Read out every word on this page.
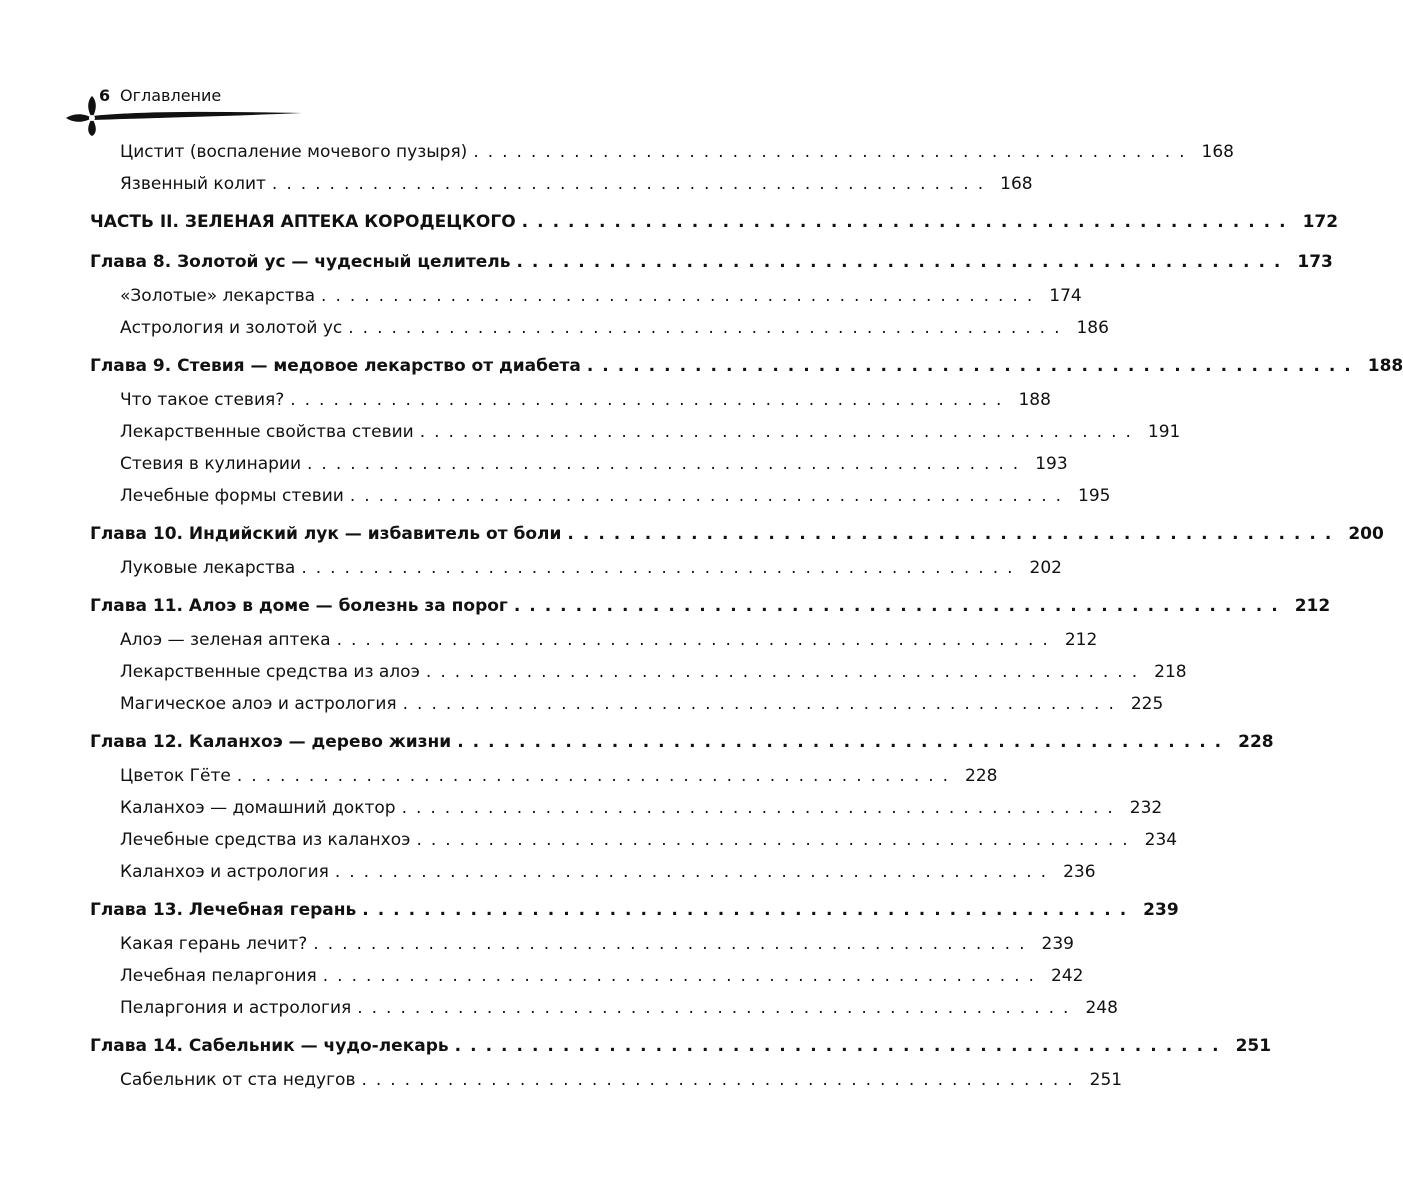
6 Оглавление
Цистит (воспаление мочевого пузыря) .................................................. 168
Язвенный колит .................................................. 168
ЧАСТЬ II. ЗЕЛЕНАЯ АПТЕКА КОРОДЕЦКОГО .................................................. 172
Глава 8. Золотой ус — чудесный целитель .................................................. 173
«Золотые» лекарства .................................................. 174
Астрология и золотой ус .................................................. 186
Глава 9. Стевия — медовое лекарство от диабета .................................................. 188
Что такое стевия? .................................................. 188
Лекарственные свойства стевии .................................................. 191
Стевия в кулинарии .................................................. 193
Лечебные формы стевии .................................................. 195
Глава 10. Индийский лук — избавитель от боли .................................................. 200
Луковые лекарства .................................................. 202
Глава 11. Алоэ в доме — болезнь за порог .................................................. 212
Алоэ — зеленая аптека .................................................. 212
Лекарственные средства из алоэ .................................................. 218
Магическое алоэ и астрология .................................................. 225
Глава 12. Каланхоэ — дерево жизни .................................................. 228
Цветок Гёте .................................................. 228
Каланхоэ — домашний доктор .................................................. 232
Лечебные средства из каланхоэ .................................................. 234
Каланхоэ и астрология .................................................. 236
Глава 13. Лечебная герань .................................................. 239
Какая герань лечит? .................................................. 239
Лечебная пеларгония .................................................. 242
Пеларгония и астрология .................................................. 248
Глава 14. Сабельник — чудо-лекарь .................................................. 251
Сабельник от ста недугов .................................................. 251
